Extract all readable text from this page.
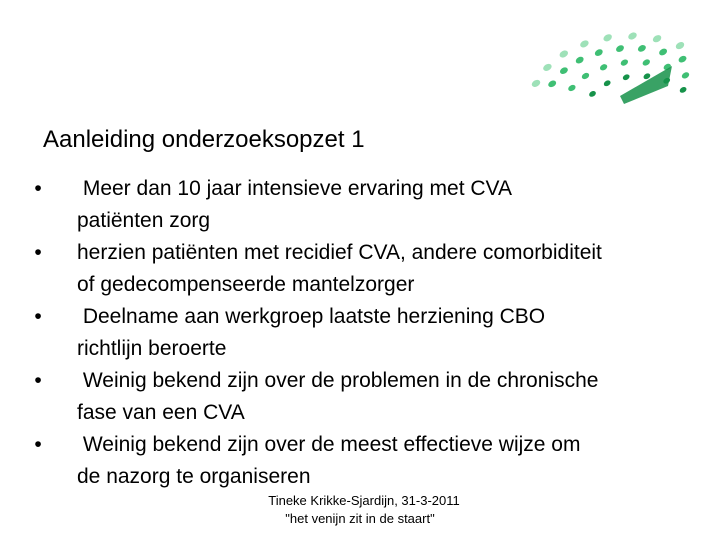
Aanleiding onderzoeksopzet 1
•	Meer dan 10 jaar intensieve ervaring met CVA
patiënten zorg
•	herzien patiënten met recidief CVA, andere comorbiditeit
of gedecompenseerde mantelzorger
•	Deelname aan werkgroep laatste herziening CBO
richtlijn beroerte
•	Weinig bekend zijn over de problemen in de chronische
fase van een CVA
•	Weinig bekend zijn over de meest effectieve wijze om
de nazorg te organiseren
Tineke Krikke-Sjardijn, 31-3-2011
"het venijn zit in de staart"
